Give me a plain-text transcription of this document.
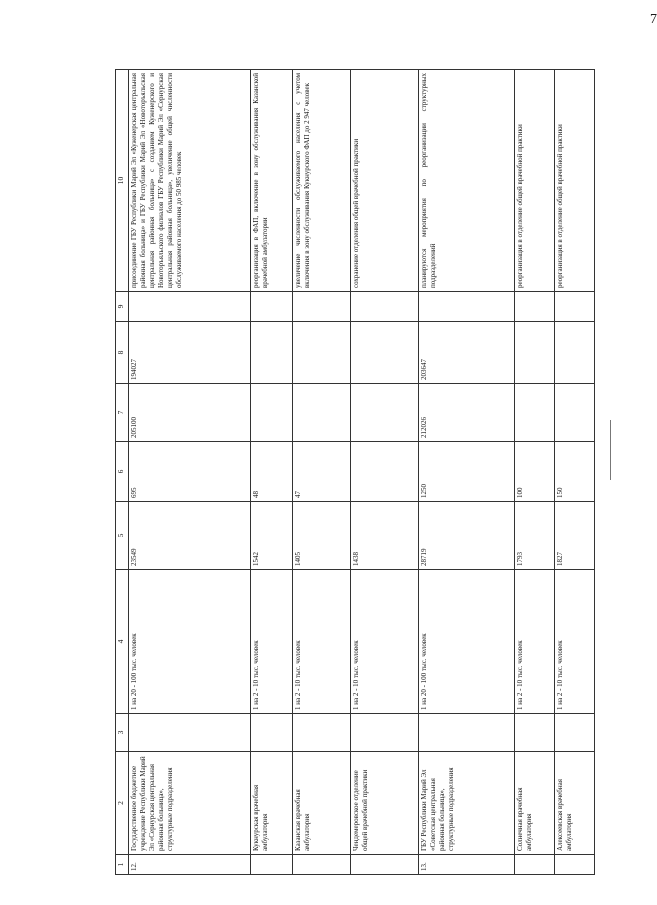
7
1	2	3	4	5	6	7	8	9	10
12.	Государственное бюджетное учреждение Республики Марий Эл «Сернурская центральная районная больница», структурные подразделения		1 на 20 - 100 тыс. человек	23549	695	205100	194027		присоединение ГБУ Республики Марий Эл «Куженерская центральная районная больница» и ГБУ Республики Марий Эл «Новоторъяльская центральная районная больница» с созданием Куженерского и Новоторъяльского филиалов ГБУ Республики Марий Эл «Сернурская центральная районная больница», увеличение общей численности обслуживаемого населения до 50 985 человек
	Кукнурская врачебная амбулатория		1 на 2 - 10 тыс. человек	1542	48				реорганизация в ФАП, включение в зону обслуживания Казанской врачебной амбулатории
	Казанская врачебная амбулатория		1 на 2 - 10 тыс. человек	1405	47				увеличение численности обслуживаемого населения с учетом включения в зону обслуживания Кукнурского ФАП до 2 947 человек
	Чендемеровское отделение общей врачебной практики		1 на 2 - 10 тыс. человек	1438					сохранение отделения общей врачебной практики
13.	ГБУ Республики Марий Эл «Советская центральная районная больница», структурные подразделения		1 на 20 - 100 тыс. человек	28719	1250	212026	203647		планируются мероприятия по реорганизации структурных подразделений
	Солнечная врачебная амбулатория		1 на 2 - 10 тыс. человек	1793	100				реорганизация в отделение общей врачебной практики
	Алексеевская врачебная амбулатория		1 на 2 - 10 тыс. человек	1827	150				реорганизация в отделение общей врачебной практики
